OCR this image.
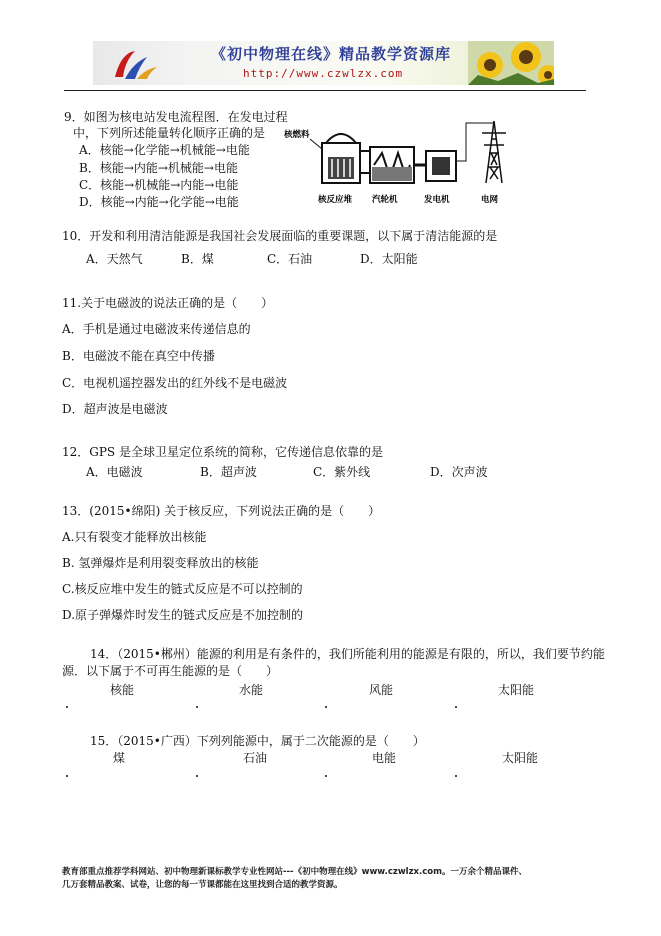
《初中物理在线》精品教学资源库
http://www.czwlzx.com
9．如图为核电站发电流程图．在发电过程
中，下列所述能量转化顺序正确的是
A．核能→化学能→机械能→电能
B．核能→内能→机械能→电能
C．核能→机械能→内能→电能
D．核能→内能→化学能→电能
核燃料
核反应堆 汽轮机	发电机	电网
10．开发和利用清洁能源是我国社会发展面临的重要课题，以下属于清洁能源的是
A．天然气	B．煤	C．石油	D．太阳能
11.关于电磁波的说法正确的是（　　）
A．手机是通过电磁波来传递信息的
B．电磁波不能在真空中传播
C．电视机遥控器发出的红外线不是电磁波
D．超声波是电磁波
12．GPS 是全球卫星定位系统的简称，它传递信息依靠的是
A．电磁波	B．超声波	C．紫外线	D．次声波
13．(2015•绵阳) 关于核反应，下列说法正确的是（　　）
A.只有裂变才能释放出核能
B. 氢弹爆炸是利用裂变释放出的核能
C.核反应堆中发生的链式反应是不可以控制的
D.原子弹爆炸时发生的链式反应是不加控制的
14．（2015•郴州）能源的利用是有条件的，我们所能利用的能源是有限的，所以，我们要节约能
源．以下属于不可再生能源的是（　　）
核能	水能	风能	太阳能
15．（2015•广西）下列列能源中，属于二次能源的是（　　）
煤	石油	电能	太阳能
教育部重点推荐学科网站、初中物理新课标教学专业性网站---《初中物理在线》www.czwlzx.com。一万余个精品课件、
几万套精品教案、试卷，让您的每一节课都能在这里找到合适的教学资源。
